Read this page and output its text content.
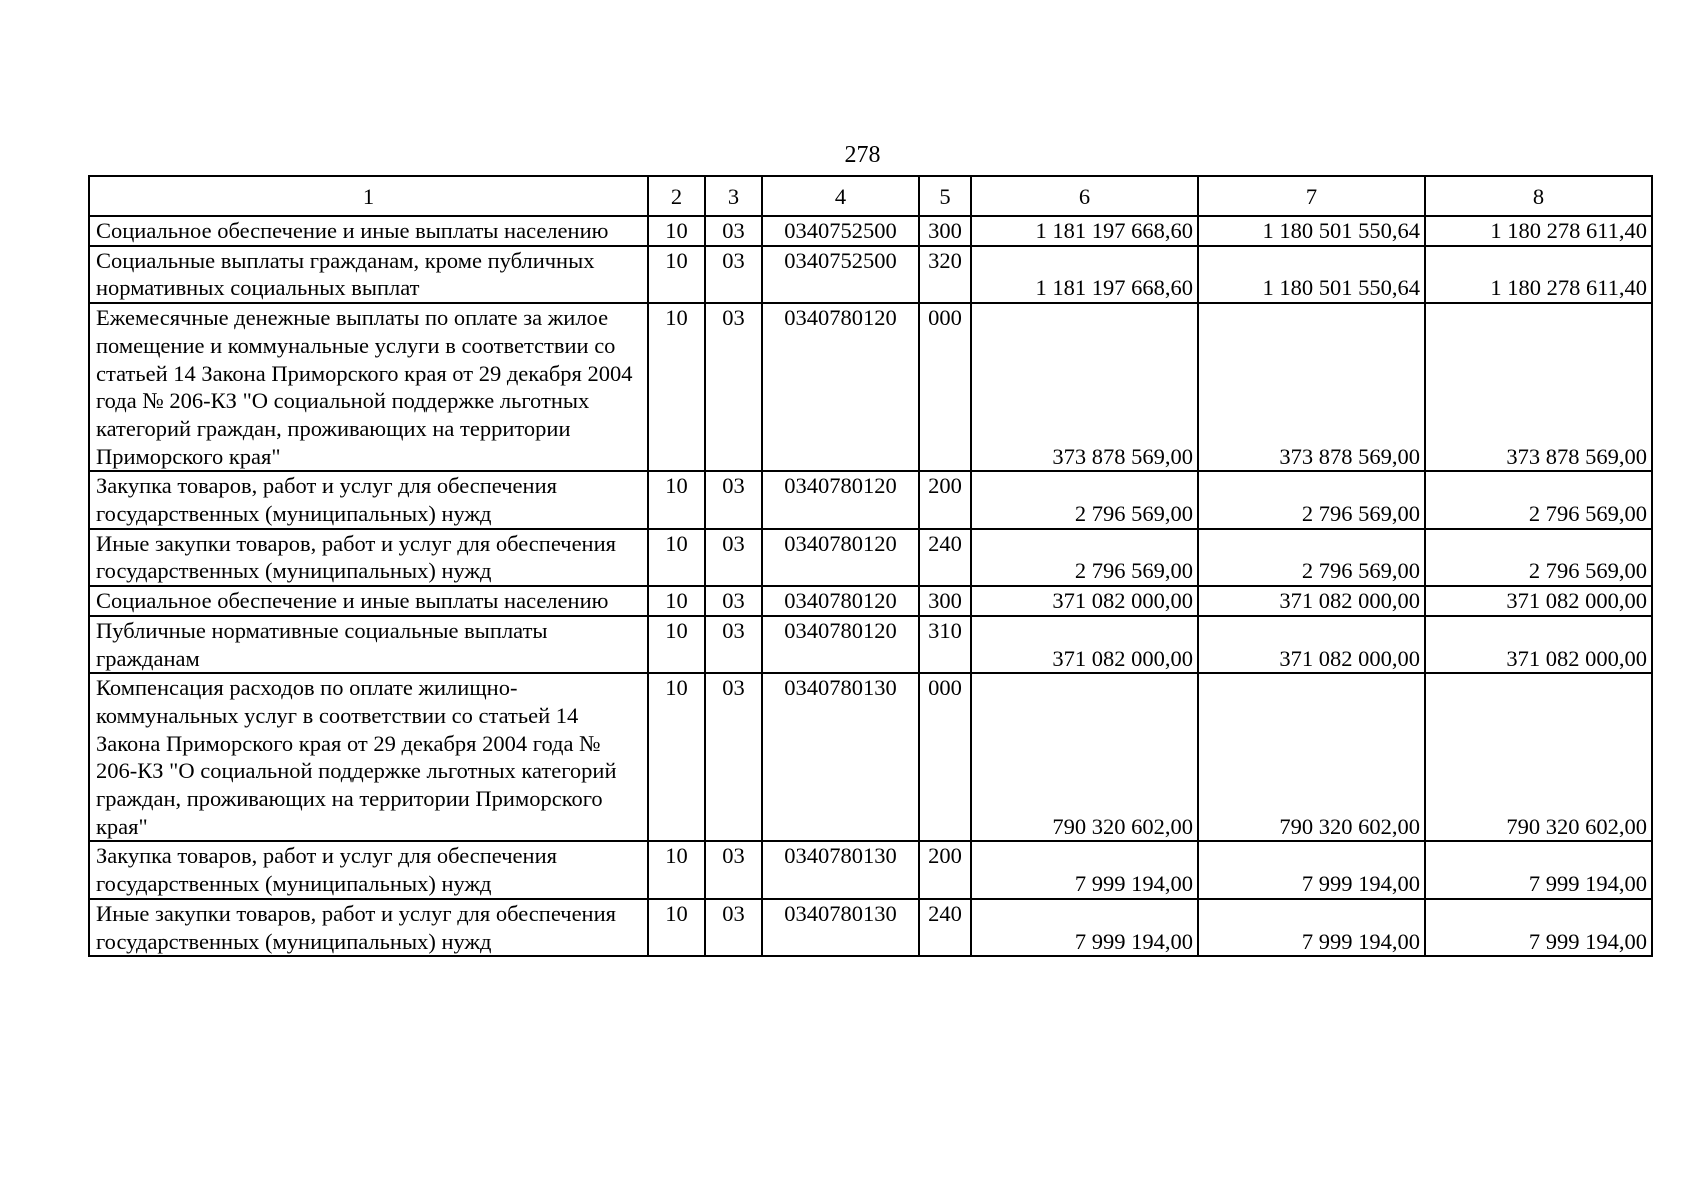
278
1	2	3	4	5	6	7	8
Социальное обеспечение и иные выплаты населению	10	03	0340752500	300	1 181 197 668,60	1 180 501 550,64	1 180 278 611,40
Социальные выплаты гражданам, кроме публичных нормативных социальных выплат	10	03	0340752500	320	1 181 197 668,60	1 180 501 550,64	1 180 278 611,40
Ежемесячные денежные выплаты по оплате за жилое помещение и коммунальные услуги в соответствии со статьей 14 Закона Приморского края от 29 декабря 2004 года № 206-КЗ "О социальной поддержке льготных категорий граждан, проживающих на территории Приморского края"	10	03	0340780120	000	373 878 569,00	373 878 569,00	373 878 569,00
Закупка товаров, работ и услуг для обеспечения государственных (муниципальных) нужд	10	03	0340780120	200	2 796 569,00	2 796 569,00	2 796 569,00
Иные закупки товаров, работ и услуг для обеспечения государственных (муниципальных) нужд	10	03	0340780120	240	2 796 569,00	2 796 569,00	2 796 569,00
Социальное обеспечение и иные выплаты населению	10	03	0340780120	300	371 082 000,00	371 082 000,00	371 082 000,00
Публичные нормативные социальные выплаты гражданам	10	03	0340780120	310	371 082 000,00	371 082 000,00	371 082 000,00
Компенсация расходов по оплате жилищно-коммунальных услуг в соответствии со статьей 14 Закона Приморского края от 29 декабря 2004 года № 206-КЗ "О социальной поддержке льготных категорий граждан, проживающих на территории Приморского края"	10	03	0340780130	000	790 320 602,00	790 320 602,00	790 320 602,00
Закупка товаров, работ и услуг для обеспечения государственных (муниципальных) нужд	10	03	0340780130	200	7 999 194,00	7 999 194,00	7 999 194,00
Иные закупки товаров, работ и услуг для обеспечения государственных (муниципальных) нужд	10	03	0340780130	240	7 999 194,00	7 999 194,00	7 999 194,00
